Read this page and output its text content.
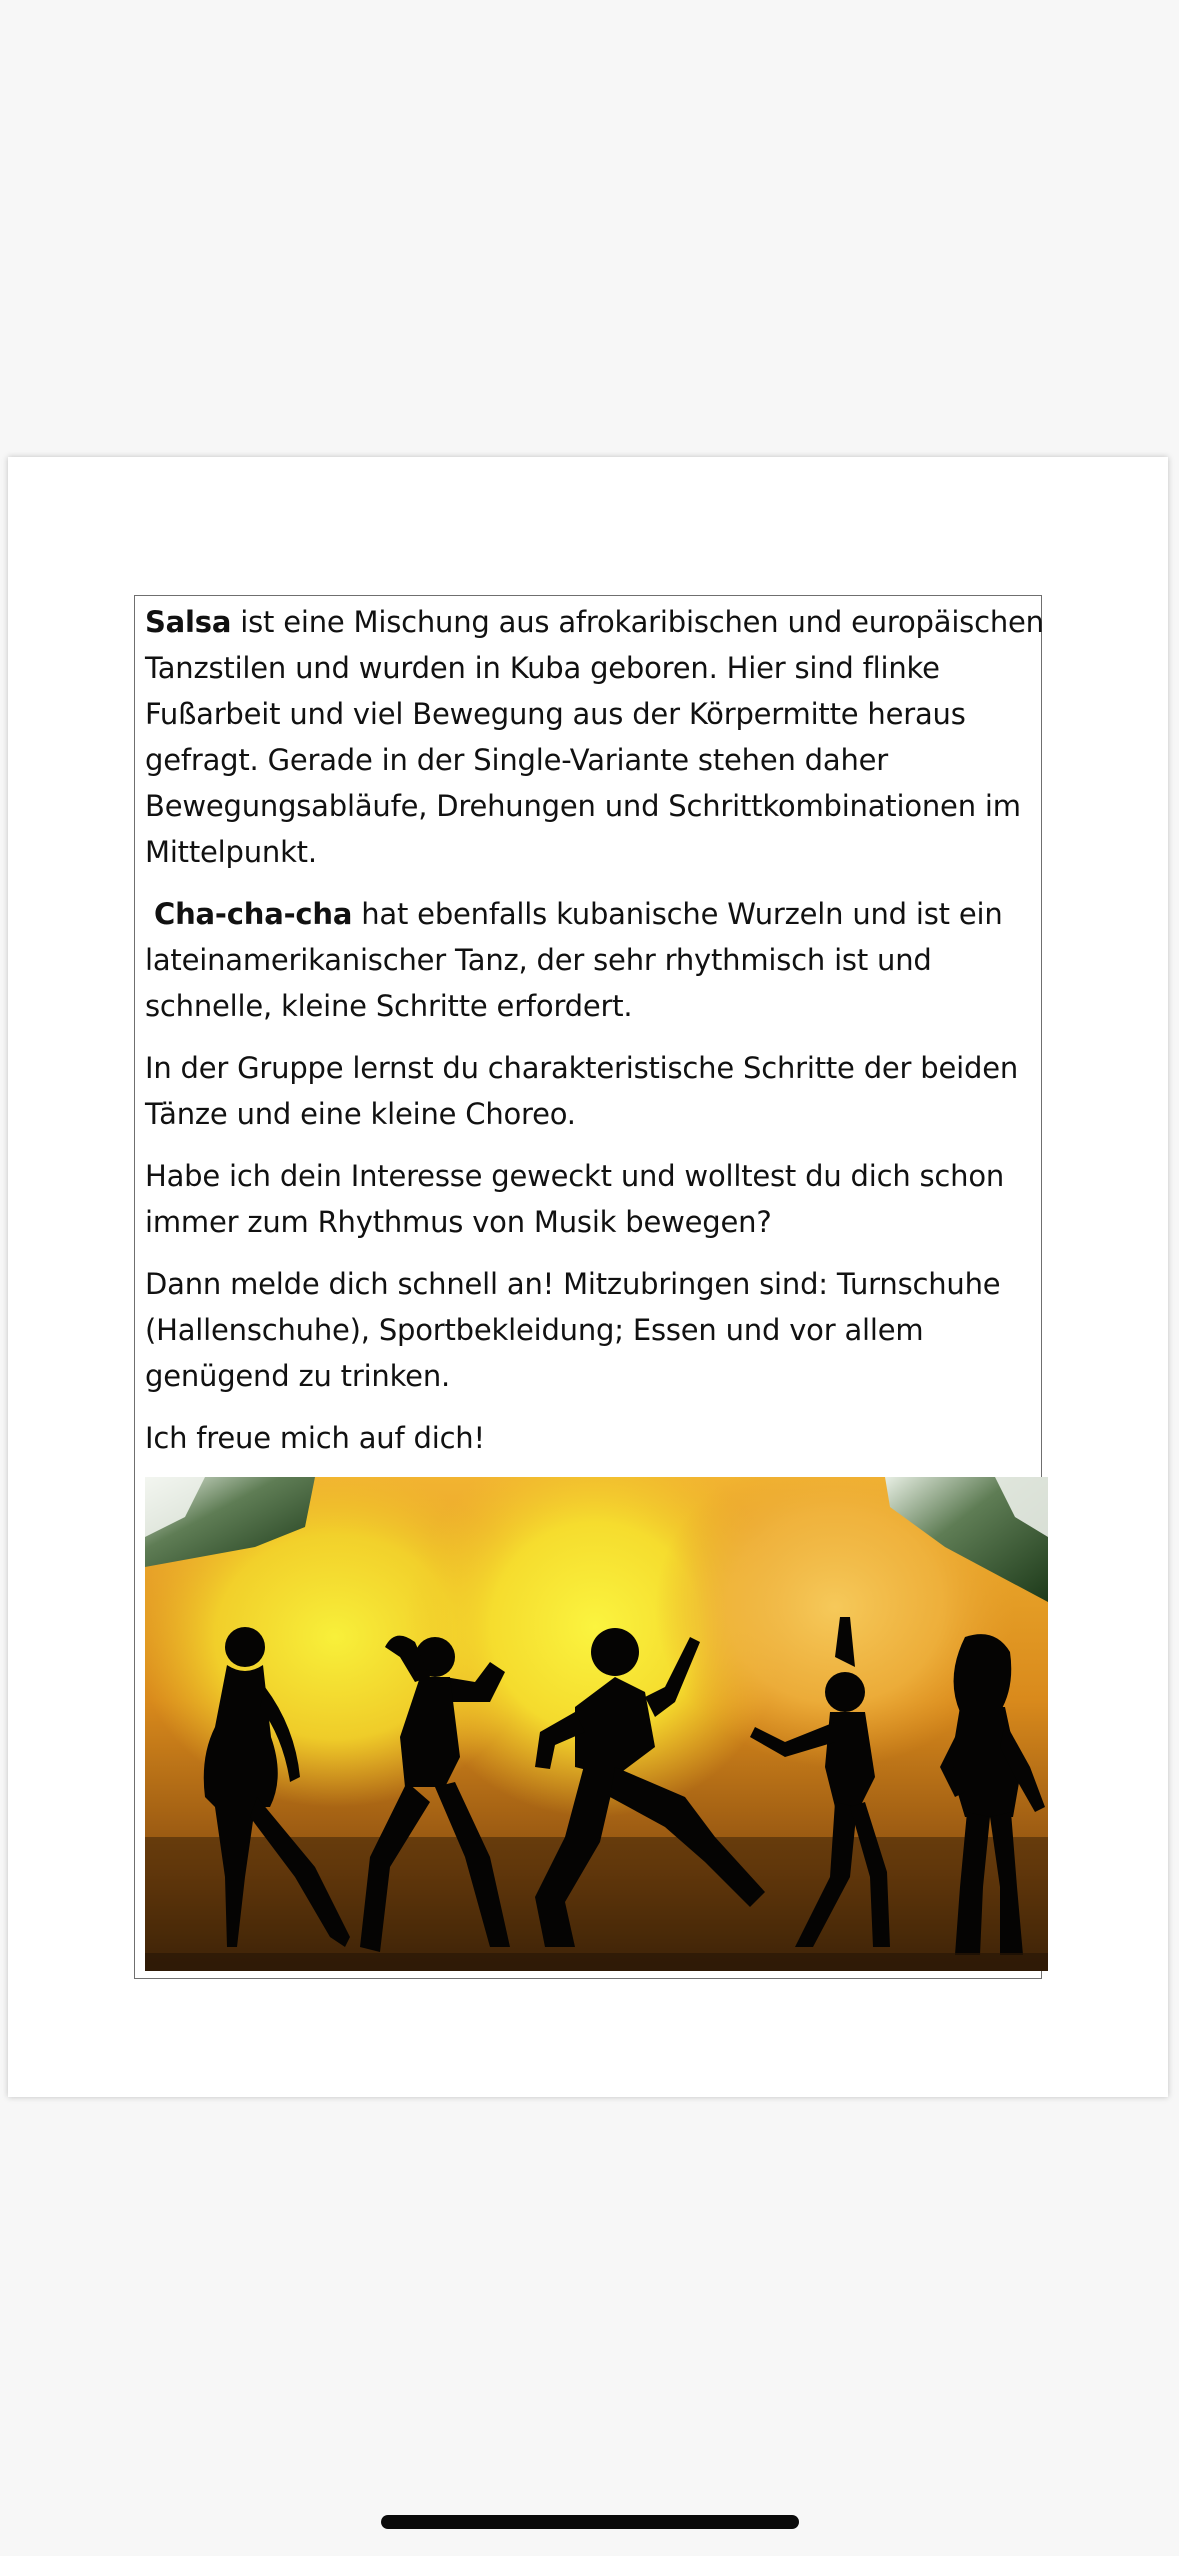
Salsa ist eine Mischung aus afrokaribischen und europäischen Tanzstilen und wurden in Kuba geboren. Hier sind flinke Fußarbeit und viel Bewegung aus der Körpermitte heraus gefragt. Gerade in der Single-Variante stehen daher Bewegungsabläufe, Drehungen und Schrittkombinationen im Mittelpunkt.

Cha-cha-cha hat ebenfalls kubanische Wurzeln und ist ein lateinamerikanischer Tanz, der sehr rhythmisch ist und schnelle, kleine Schritte erfordert.

In der Gruppe lernst du charakteristische Schritte der beiden Tänze und eine kleine Choreo.

Habe ich dein Interesse geweckt und wolltest du dich schon immer zum Rhythmus von Musik bewegen?

Dann melde dich schnell an! Mitzubringen sind: Turnschuhe (Hallenschuhe), Sportbekleidung; Essen und vor allem genügend zu trinken.

Ich freue mich auf dich!
